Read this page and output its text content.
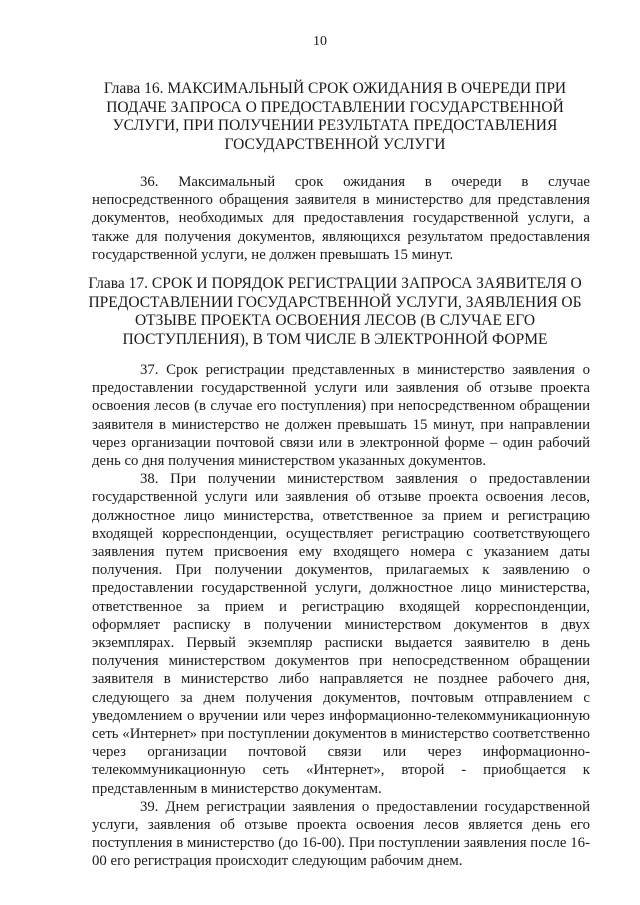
10
Глава 16. МАКСИМАЛЬНЫЙ СРОК ОЖИДАНИЯ В ОЧЕРЕДИ ПРИ ПОДАЧЕ ЗАПРОСА О ПРЕДОСТАВЛЕНИИ ГОСУДАРСТВЕННОЙ УСЛУГИ, ПРИ ПОЛУЧЕНИИ РЕЗУЛЬТАТА ПРЕДОСТАВЛЕНИЯ ГОСУДАРСТВЕННОЙ УСЛУГИ

36. Максимальный срок ожидания в очереди в случае непосредственного обращения заявителя в министерство для представления документов, необходимых для предоставления государственной услуги, а также для получения документов, являющихся результатом предоставления государственной услуги, не должен превышать 15 минут.

Глава 17. СРОК И ПОРЯДОК РЕГИСТРАЦИИ ЗАПРОСА ЗАЯВИТЕЛЯ О ПРЕДОСТАВЛЕНИИ ГОСУДАРСТВЕННОЙ УСЛУГИ, ЗАЯВЛЕНИЯ ОБ ОТЗЫВЕ ПРОЕКТА ОСВОЕНИЯ ЛЕСОВ (В СЛУЧАЕ ЕГО ПОСТУПЛЕНИЯ), В ТОМ ЧИСЛЕ В ЭЛЕКТРОННОЙ ФОРМЕ

37. Срок регистрации представленных в министерство заявления о предоставлении государственной услуги или заявления об отзыве проекта освоения лесов (в случае его поступления) при непосредственном обращении заявителя в министерство не должен превышать 15 минут, при направлении через организации почтовой связи или в электронной форме – один рабочий день со дня получения министерством указанных документов.

38. При получении министерством заявления о предоставлении государственной услуги или заявления об отзыве проекта освоения лесов, должностное лицо министерства, ответственное за прием и регистрацию входящей корреспонденции, осуществляет регистрацию соответствующего заявления путем присвоения ему входящего номера с указанием даты получения. При получении документов, прилагаемых к заявлению о предоставлении государственной услуги, должностное лицо министерства, ответственное за прием и регистрацию входящей корреспонденции, оформляет расписку в получении министерством документов в двух экземплярах. Первый экземпляр расписки выдается заявителю в день получения министерством документов при непосредственном обращении заявителя в министерство либо направляется не позднее рабочего дня, следующего за днем получения документов, почтовым отправлением с уведомлением о вручении или через информационно-телекоммуникационную сеть «Интернет» при поступлении документов в министерство соответственно через организации почтовой связи или через информационно-телекоммуникационную сеть «Интернет», второй - приобщается к представленным в министерство документам.

39. Днем регистрации заявления о предоставлении государственной услуги, заявления об отзыве проекта освоения лесов является день его поступления в министерство (до 16-00). При поступлении заявления после 16-00 его регистрация происходит следующим рабочим днем.
